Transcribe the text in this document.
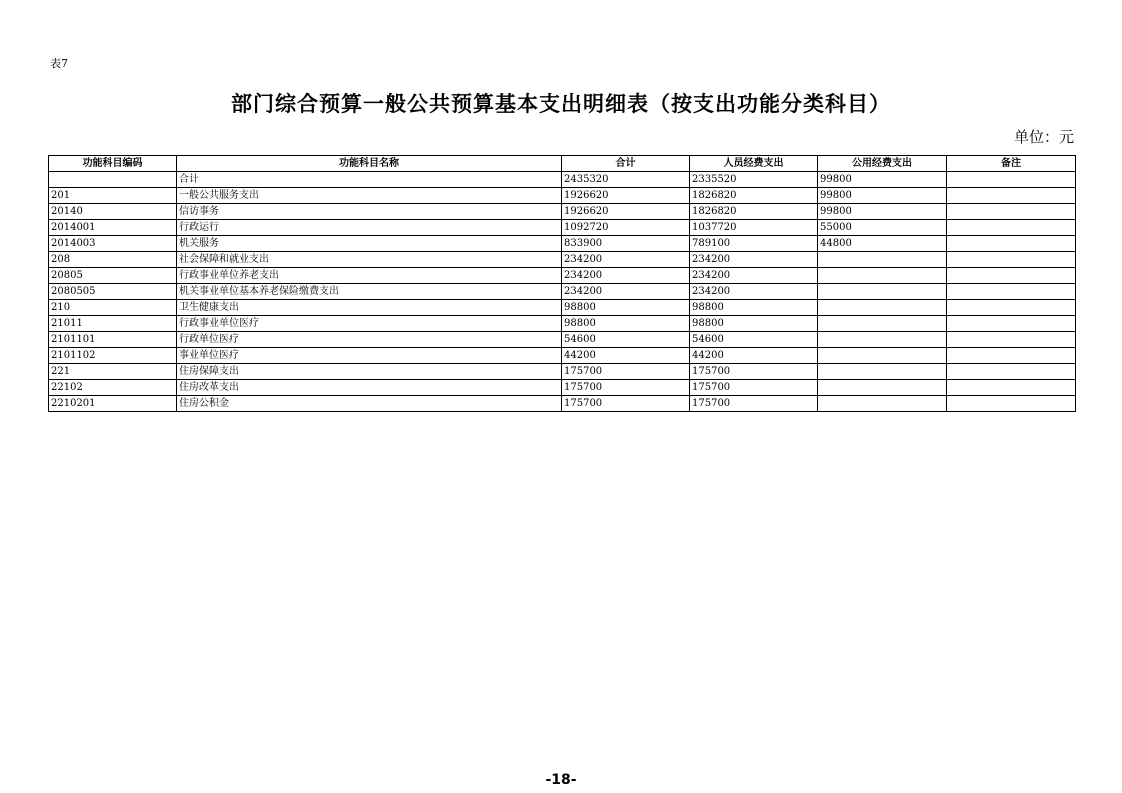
表7
部门综合预算一般公共预算基本支出明细表（按支出功能分类科目）
单位：元
功能科目编码	功能科目名称	合计	人员经费支出	公用经费支出	备注
	合计	2435320	2335520	99800	
201	一般公共服务支出	1926620	1826820	99800	
20140	信访事务	1926620	1826820	99800	
2014001	行政运行	1092720	1037720	55000	
2014003	机关服务	833900	789100	44800	
208	社会保障和就业支出	234200	234200		
20805	行政事业单位养老支出	234200	234200		
2080505	机关事业单位基本养老保险缴费支出	234200	234200		
210	卫生健康支出	98800	98800		
21011	行政事业单位医疗	98800	98800		
2101101	行政单位医疗	54600	54600		
2101102	事业单位医疗	44200	44200		
221	住房保障支出	175700	175700		
22102	住房改革支出	175700	175700		
2210201	住房公积金	175700	175700		
-18-
